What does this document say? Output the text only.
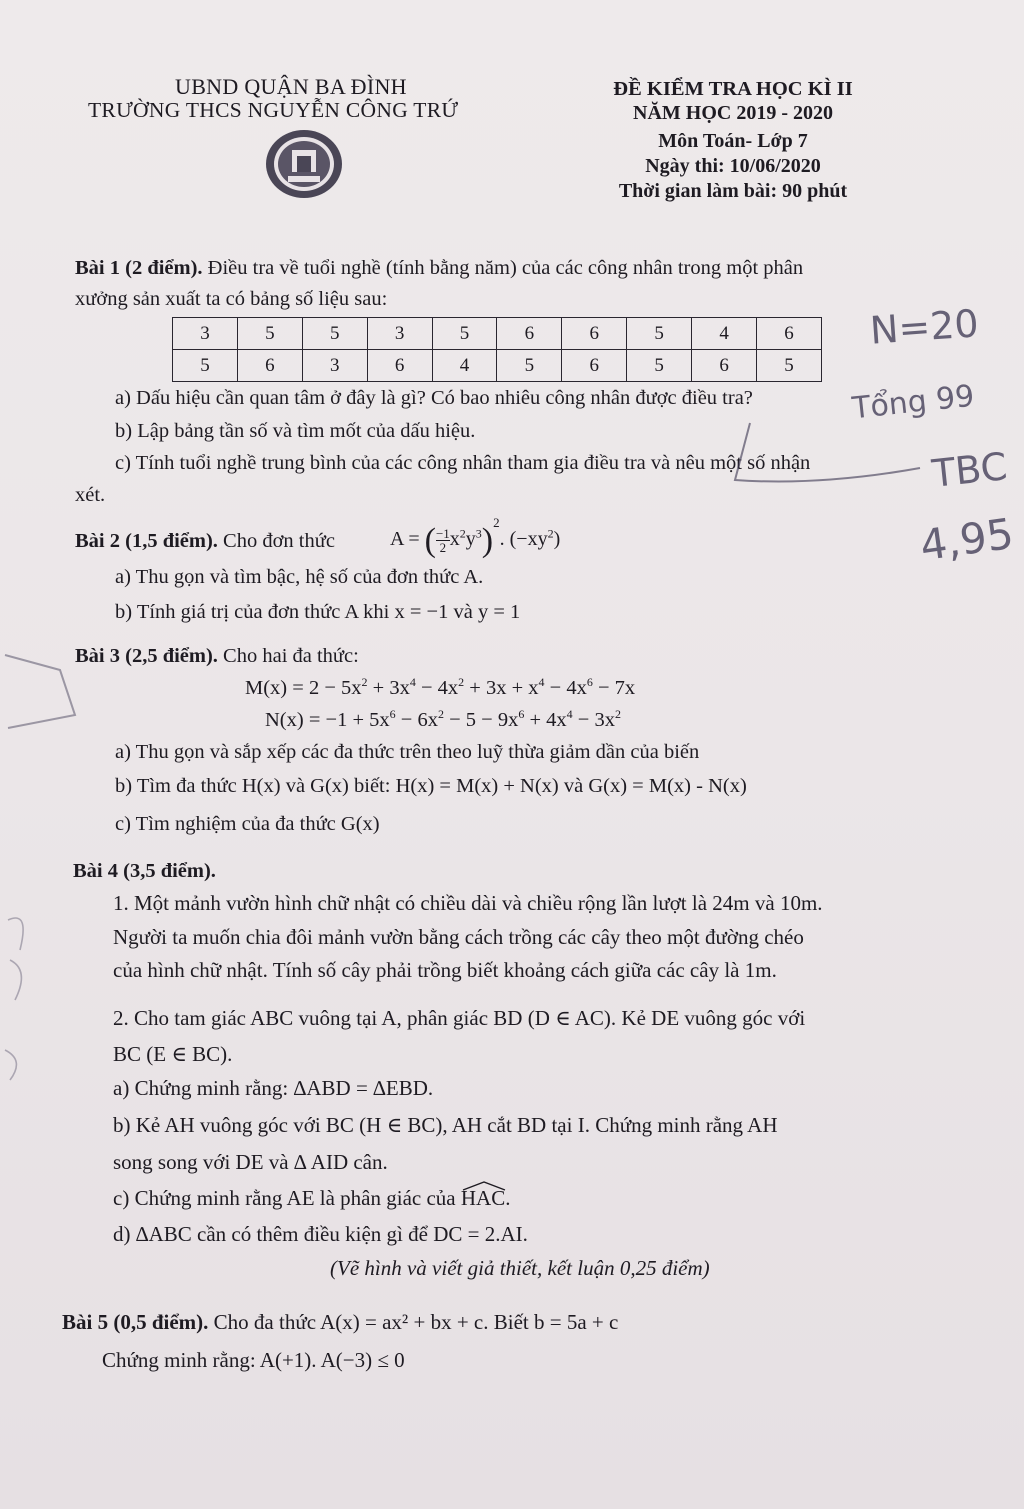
UBND QUẬN BA ĐÌNH
TRƯỜNG THCS NGUYỄN CÔNG TRỨ
ĐỀ KIỂM TRA HỌC KÌ II
NĂM HỌC 2019 - 2020
Môn Toán- Lớp 7
Ngày thi: 10/06/2020
Thời gian làm bài: 90 phút
Bài 1 (2 điểm). Điều tra về tuổi nghề (tính bằng năm) của các công nhân trong một phân
xưởng sản xuất ta có bảng số liệu sau:
3	5	5	3	5	6	6	5	4	6
5	6	3	6	4	5	6	5	6	5
a) Dấu hiệu cần quan tâm ở đây là gì? Có bao nhiêu công nhân được điều tra?
b) Lập bảng tần số và tìm mốt của dấu hiệu.
c) Tính tuổi nghề trung bình của các công nhân tham gia điều tra và nêu một số nhận
xét.
Bài 2 (1,5 điểm). Cho đơn thức	A = ( $\frac{-1}{2} x^2y^3)^2$. $(-xy^2)$
a) Thu gọn và tìm bậc, hệ số của đơn thức A.
b) Tính giá trị của đơn thức A khi x = −1 và y = 1
Bài 3 (2,5 điểm). Cho hai đa thức:
$M(x) = 2 - 5x^2 + 3x^4 - 4x^2 + 3x + x^4 - 4x^6 - 7x$
$N(x) = -1 + 5x^6 - 6x^2 - 5 - 9x^6 + 4x^4 - 3x^2$
a) Thu gọn và sắp xếp các đa thức trên theo luỹ thừa giảm dần của biến
b) Tìm đa thức H(x) và G(x) biết: H(x) = M(x) + N(x) và G(x) = M(x) - N(x)
c) Tìm nghiệm của đa thức G(x)
Bài 4 (3,5 điểm).
1. Một mảnh vườn hình chữ nhật có chiều dài và chiều rộng lần lượt là 24m và 10m.
Người ta muốn chia đôi mảnh vườn bằng cách trồng các cây theo một đường chéo
của hình chữ nhật. Tính số cây phải trồng biết khoảng cách giữa các cây là 1m.
2. Cho tam giác ABC vuông tại A, phân giác BD (D ∈ AC). Kẻ DE vuông góc với
BC (E ∈ BC).
a) Chứng minh rằng: ∆ABD = ∆EBD.
b) Kẻ AH vuông góc với BC (H ∈ BC), AH cắt BD tại I. Chứng minh rằng AH
song song với DE và ∆ AID cân.
c) Chứng minh rằng AE là phân giác của
HAC.
d) ∆ABC cần có thêm điều kiện gì để DC = 2.AI.
(Vẽ hình và viết giả thiết, kết luận 0,25 điểm)
Bài 5 (0,5 điểm). Cho đa thức A(x) = ax² + bx + c. Biết b = 5a + c
Chứng minh rằng: A(+1). A(−3) ≤ 0
N=20
Tổng 99
TBC
4,95
